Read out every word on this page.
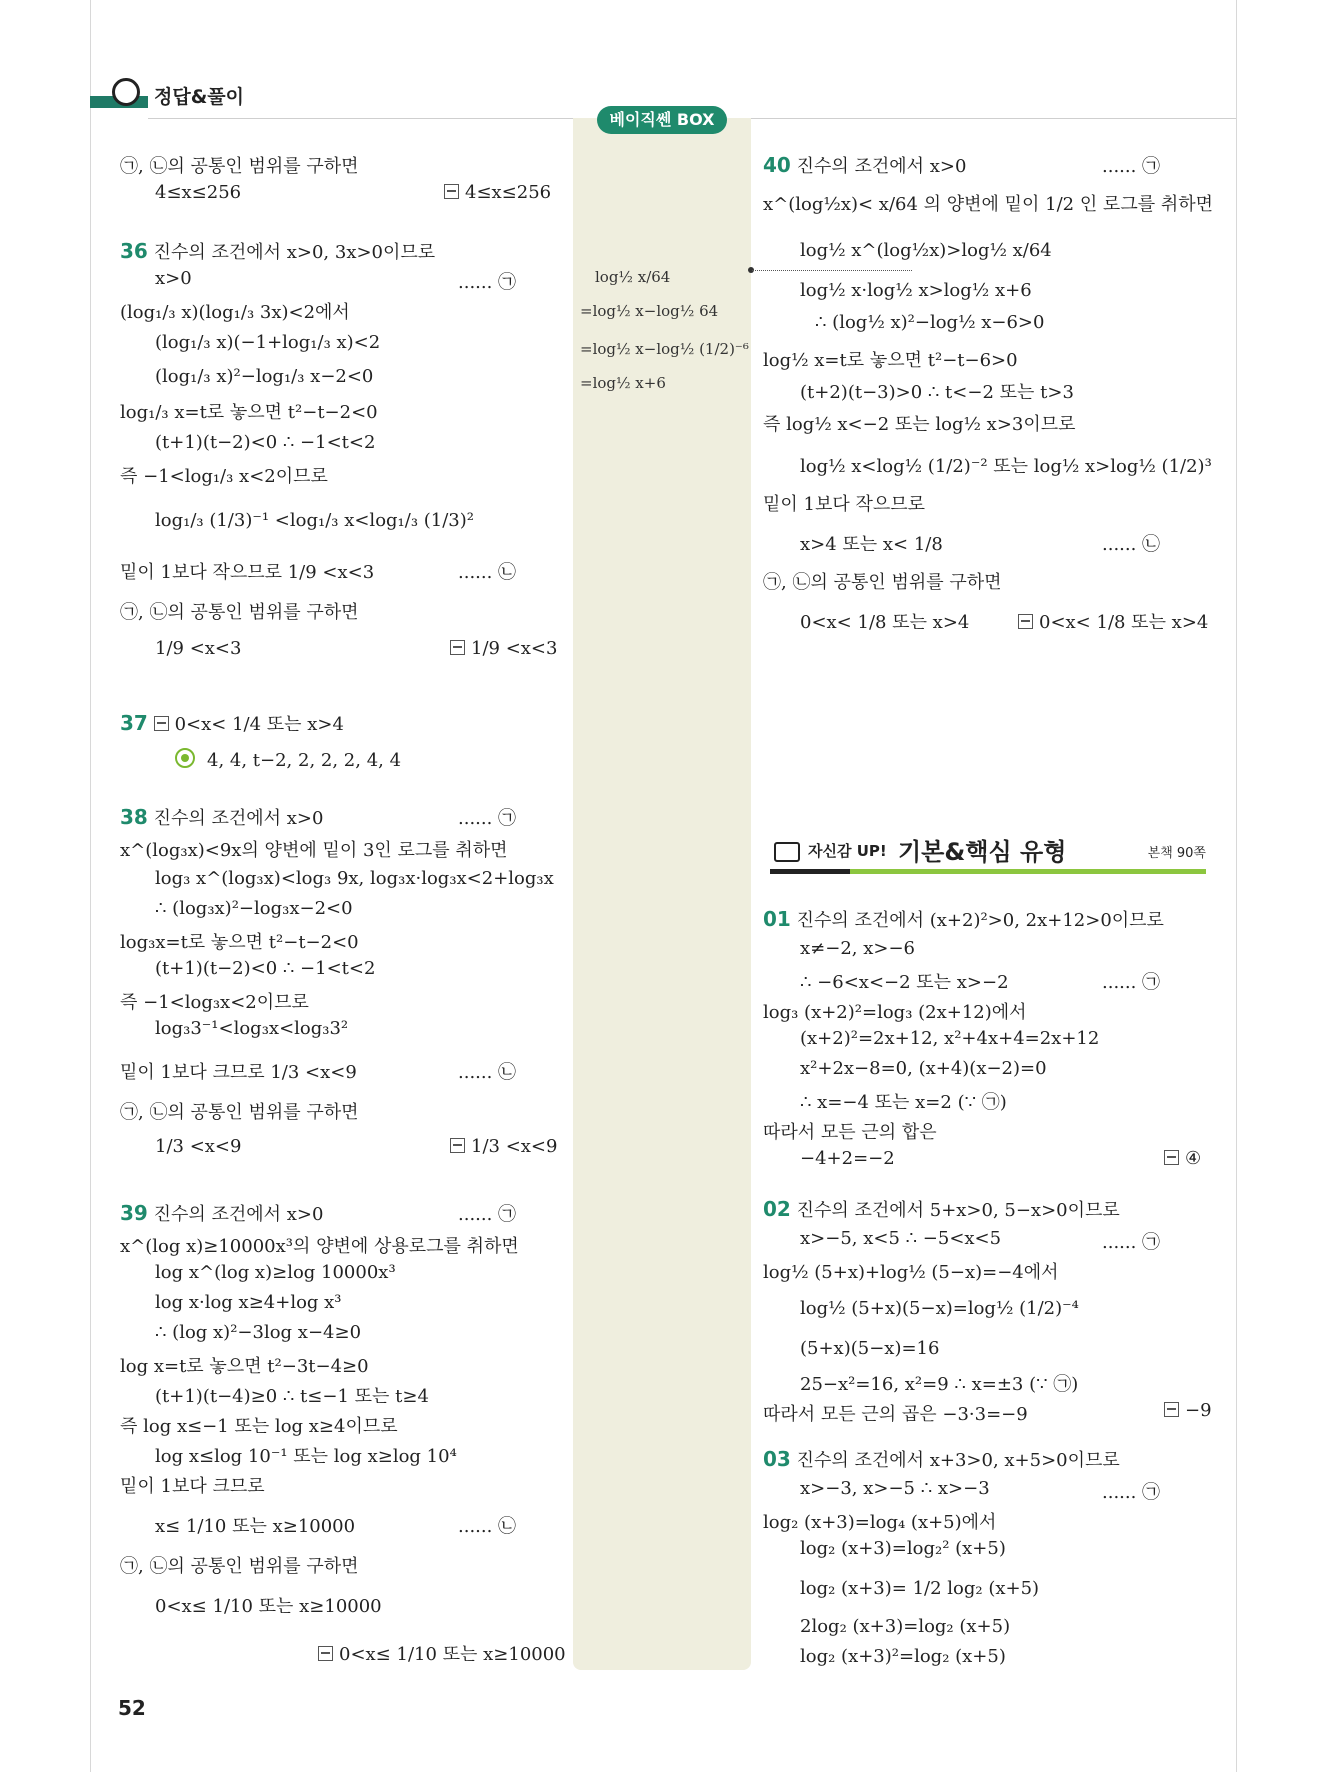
정답&풀이
베이직쎈 BOX
자신감 UP! 기본&핵심 유형	본책 90쪽
㉠, ㉡의 공통인 범위를 구하면
4≤x≤256
36 진수의 조건에서 x>0, 3x>0이므로
x>0
(log₁/₃ x)(log₁/₃ 3x)<2에서
(log₁/₃ x)(−1+log₁/₃ x)<2
(log₁/₃ x)²−log₁/₃ x−2<0
log₁/₃ x=t로 놓으면 t²−t−2<0
(t+1)(t−2)<0 ∴ −1<t<2
즉 −1<log₁/₃ x<2이므로
log₁/₃ (1/3)⁻¹ <log₁/₃ x<log₁/₃ (1/3)²
밑이 1보다 작으므로 1/9 <x<3
㉠, ㉡의 공통인 범위를 구하면
1/9 <x<3
37 0<x< 1/4 또는 x>4
4, 4, t−2, 2, 2, 2, 4, 4
38 진수의 조건에서 x>0
x^(log₃x)<9x의 양변에 밑이 3인 로그를 취하면
log₃ x^(log₃x)<log₃ 9x, log₃x·log₃x<2+log₃x
∴ (log₃x)²−log₃x−2<0
log₃x=t로 놓으면 t²−t−2<0
(t+1)(t−2)<0 ∴ −1<t<2
즉 −1<log₃x<2이므로
log₃3⁻¹<log₃x<log₃3²
밑이 1보다 크므로 1/3 <x<9
㉠, ㉡의 공통인 범위를 구하면
1/3 <x<9
39 진수의 조건에서 x>0
x^(log x)≥10000x³의 양변에 상용로그를 취하면
log x^(log x)≥log 10000x³
log x·log x≥4+log x³
∴ (log x)²−3log x−4≥0
log x=t로 놓으면 t²−3t−4≥0
(t+1)(t−4)≥0 ∴ t≤−1 또는 t≥4
즉 log x≤−1 또는 log x≥4이므로
log x≤log 10⁻¹ 또는 log x≥log 10⁴
밑이 1보다 크므로
x≤ 1/10 또는 x≥10000
㉠, ㉡의 공통인 범위를 구하면
0<x≤ 1/10 또는 x≥10000
...... ㉠
...... ㉡
...... ㉠
...... ㉡
...... ㉠
...... ㉡
4≤x≤256
1/9 <x<3
1/3 <x<9
0<x≤ 1/10 또는 x≥10000
log½ x/64
=log½ x−log½ 64
=log½ x−log½ (1/2)⁻⁶
=log½ x+6
40 진수의 조건에서 x>0
x^(log½x)< x/64 의 양변에 밑이 1/2 인 로그를 취하면
log½ x^(log½x)>log½ x/64
log½ x·log½ x>log½ x+6
∴ (log½ x)²−log½ x−6>0
log½ x=t로 놓으면 t²−t−6>0
(t+2)(t−3)>0 ∴ t<−2 또는 t>3
즉 log½ x<−2 또는 log½ x>3이므로
log½ x<log½ (1/2)⁻² 또는 log½ x>log½ (1/2)³
밑이 1보다 작으므로
x>4 또는 x< 1/8
㉠, ㉡의 공통인 범위를 구하면
0<x< 1/8 또는 x>4
01 진수의 조건에서 (x+2)²>0, 2x+12>0이므로
x≠−2, x>−6
∴ −6<x<−2 또는 x>−2
log₃ (x+2)²=log₃ (2x+12)에서
(x+2)²=2x+12, x²+4x+4=2x+12
x²+2x−8=0, (x+4)(x−2)=0
∴ x=−4 또는 x=2 (∵ ㉠)
따라서 모든 근의 합은
−4+2=−2
02 진수의 조건에서 5+x>0, 5−x>0이므로
x>−5, x<5 ∴ −5<x<5
log½ (5+x)+log½ (5−x)=−4에서
log½ (5+x)(5−x)=log½ (1/2)⁻⁴
(5+x)(5−x)=16
25−x²=16, x²=9 ∴ x=±3 (∵ ㉠)
따라서 모든 근의 곱은 −3·3=−9
03 진수의 조건에서 x+3>0, x+5>0이므로
x>−3, x>−5 ∴ x>−3
log₂ (x+3)=log₄ (x+5)에서
log₂ (x+3)=log₂² (x+5)
log₂ (x+3)= 1/2 log₂ (x+5)
2log₂ (x+3)=log₂ (x+5)
log₂ (x+3)²=log₂ (x+5)
...... ㉠
...... ㉡
...... ㉠
...... ㉠
...... ㉠
0<x< 1/8 또는 x>4
④
−9
52
